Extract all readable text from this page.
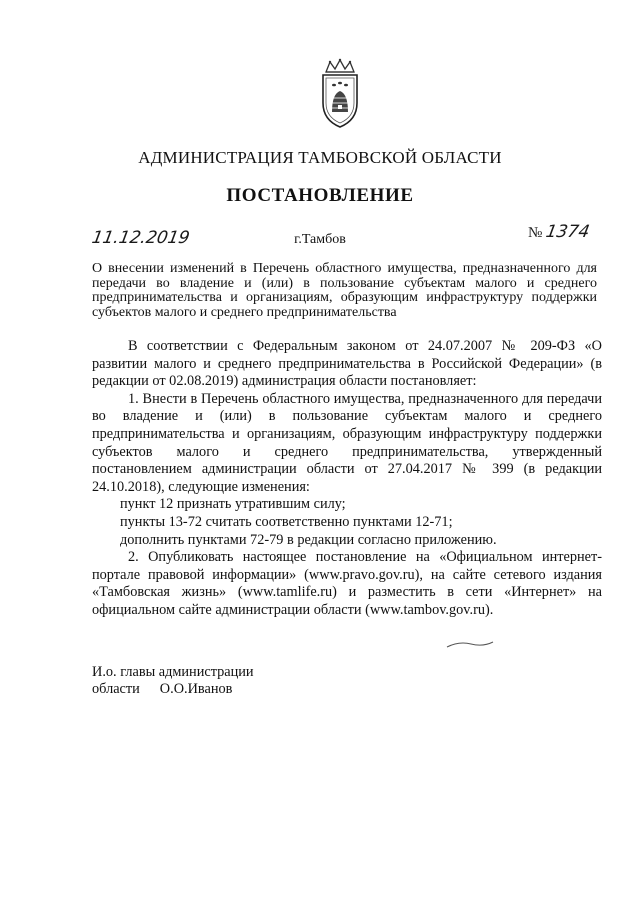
АДМИНИСТРАЦИЯ ТАМБОВСКОЙ ОБЛАСТИ
ПОСТАНОВЛЕНИЕ
11.12.2019	г.Тамбов	№ 1374
О внесении изменений в Перечень областного имущества, предназначенного для передачи во владение и (или) в пользование субъектам малого и среднего предпринимательства и организациям, образующим инфраструктуру поддержки субъектов малого и среднего предпринимательства

В соответствии с Федеральным законом от 24.07.2007 № 209-ФЗ «О развитии малого и среднего предпринимательства в Российской Федерации» (в редакции от 02.08.2019) администрация области постановляет:

1. Внести в Перечень областного имущества, предназначенного для передачи во владение и (или) в пользование субъектам малого и среднего предпринимательства и организациям, образующим инфраструктуру поддержки субъектов малого и среднего предпринимательства, утвержденный постановлением администрации области от 27.04.2017 № 399 (в редакции 24.10.2018), следующие изменения:

пункт 12 признать утратившим силу;

пункты 13-72 считать соответственно пунктами 12-71;

дополнить пунктами 72-79 в редакции согласно приложению.

2. Опубликовать настоящее постановление на «Официальном интернет-портале правовой информации» (www.pravo.gov.ru), на сайте сетевого издания «Тамбовская жизнь» (www.tamlife.ru) и разместить в сети «Интернет» на официальном сайте администрации области (www.tambov.gov.ru).

И.о. главы администрации
области О.О.Иванов
